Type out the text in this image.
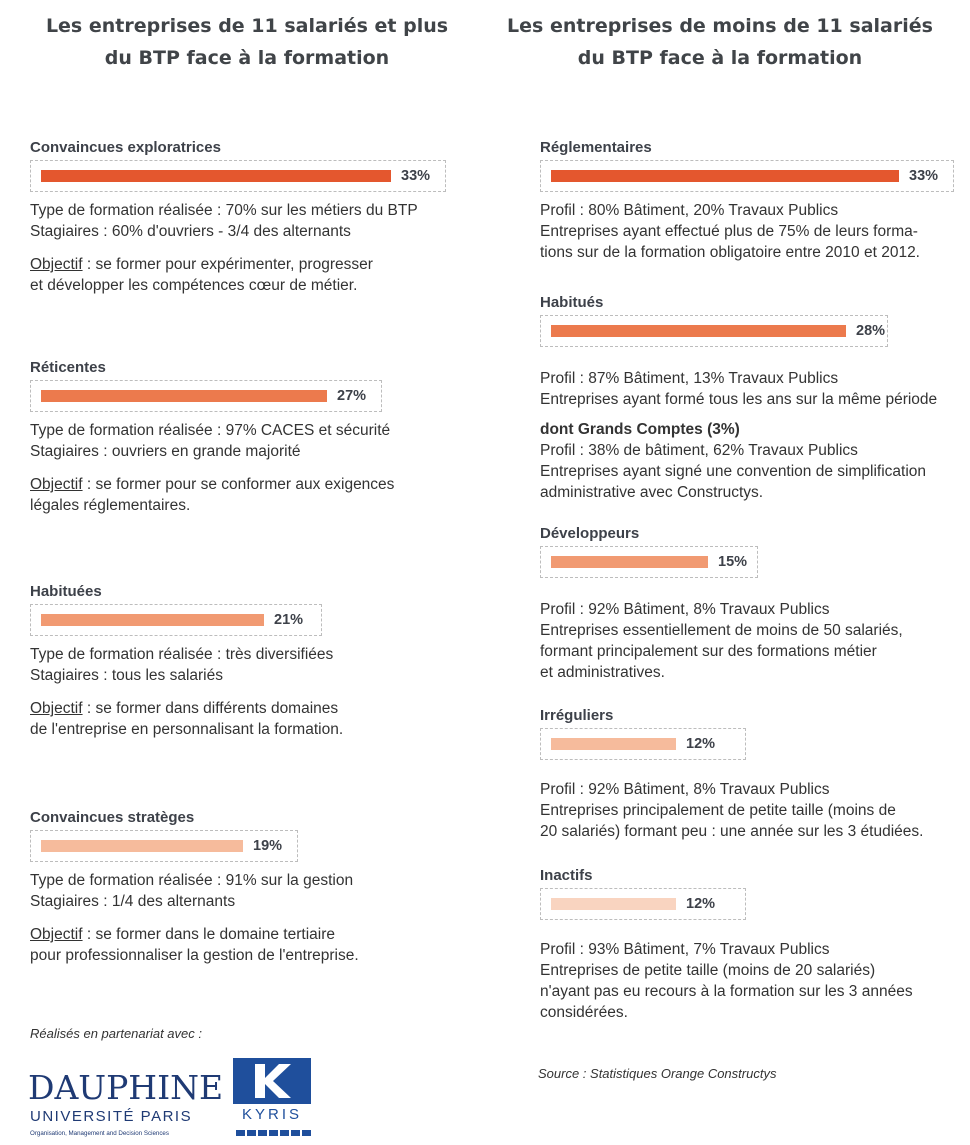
Les entreprises de 11 salariés et plus
du BTP face à la formation
Les entreprises de moins de 11 salariés
du BTP face à la formation
Convaincues exploratrices
33%
Type de formation réalisée : 70% sur les métiers du BTP
Stagiaires : 60% d'ouvriers - 3/4 des alternants
Objectif : se former pour expérimenter, progresser
et développer les compétences cœur de métier.
Réticentes
27%
Type de formation réalisée : 97% CACES et sécurité
Stagiaires : ouvriers en grande majorité
Objectif : se former pour se conformer aux exigences
légales réglementaires.
Habituées
21%
Type de formation réalisée : très diversifiées
Stagiaires : tous les salariés
Objectif : se former dans différents domaines
de l'entreprise en personnalisant la formation.
Convaincues stratèges
19%
Type de formation réalisée : 91% sur la gestion
Stagiaires : 1/4 des alternants
Objectif : se former dans le domaine tertiaire
pour professionnaliser la gestion de l'entreprise.
Réglementaires
33%
Profil : 80% Bâtiment, 20% Travaux Publics
Entreprises ayant effectué plus de 75% de leurs forma-
tions sur de la formation obligatoire entre 2010 et 2012.
Habitués
28%
Profil : 87% Bâtiment, 13% Travaux Publics
Entreprises ayant formé tous les ans sur la même période
dont Grands Comptes (3%)
Profil : 38% de bâtiment, 62% Travaux Publics
Entreprises ayant signé une convention de simplification
administrative avec Constructys.
Développeurs
15%
Profil : 92% Bâtiment, 8% Travaux Publics
Entreprises essentiellement de moins de 50 salariés,
formant principalement sur des formations métier
et administratives.
Irréguliers
12%
Profil : 92% Bâtiment, 8% Travaux Publics
Entreprises principalement de petite taille (moins de
20 salariés) formant peu : une année sur les 3 étudiées.
Inactifs
12%
Profil : 93% Bâtiment, 7% Travaux Publics
Entreprises de petite taille (moins de 20 salariés)
n'ayant pas eu recours à la formation sur les 3 années
considérées.
Réalisés en partenariat avec :
Source : Statistiques Orange Constructys
DAUPHINE
UNIVERSITÉ PARIS
Organisation, Management and Decision Sciences
KYRIS
